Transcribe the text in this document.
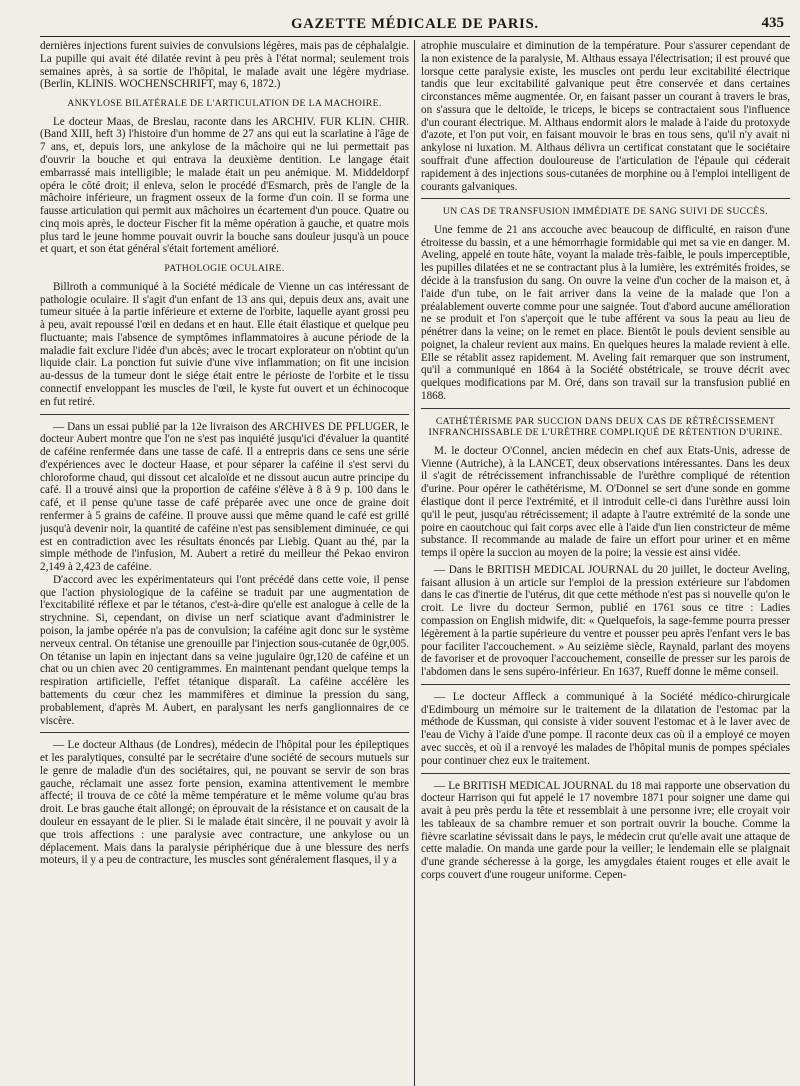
GAZETTE MÉDICALE DE PARIS.	435

dernières injections furent suivies de convulsions légères, mais pas de céphalalgie. La pupille qui avait été dilatée revint à peu près à l'état normal; seulement trois semaines après, à sa sortie de l'hôpital, le malade avait une légère mydriase. (Berlin, KLINIS. WOCHENSCHRIFT, may 6, 1872.)

ANKYLOSE BILATÉRALE DE L'ARTICULATION DE LA MACHOIRE.

Le docteur Maas, de Breslau, raconte dans les ARCHIV. FUR KLIN. CHIR. (Band XIII, heft 3) l'histoire d'un homme de 27 ans qui eut la scarlatine à l'âge de 7 ans, et, depuis lors, une ankylose de la mâchoire qui ne lui permettait pas d'ouvrir la bouche et qui entrava la deuxième dentition. Le langage était embarrassé mais intelligible; le malade était un peu anémique. M. Middeldorpf opéra le côté droit; il enleva, selon le procédé d'Esmarch, près de l'angle de la mâchoire inférieure, un fragment osseux de la forme d'un coin. Il se forma une fausse articulation qui permit aux mâchoires un écartement d'un pouce. Quatre ou cinq mois après, le docteur Fischer fit la même opération à gauche, et quatre mois plus tard le jeune homme pouvait ouvrir la bouche sans douleur jusqu'à un pouce et quart, et son état général s'était fortement amélioré.

PATHOLOGIE OCULAIRE.

Billroth a communiqué à la Société médicale de Vienne un cas intéressant de pathologie oculaire. Il s'agit d'un enfant de 13 ans qui, depuis deux ans, avait une tumeur située à la partie inférieure et externe de l'orbite, laquelle ayant grossi peu à peu, avait repoussé l'œil en dedans et en haut. Elle était élastique et quelque peu fluctuante; mais l'absence de symptômes inflammatoires à aucune période de la maladie fait exclure l'idée d'un abcès; avec le trocart explorateur on n'obtint qu'un liquide clair. La ponction fut suivie d'une vive inflammation; on fit une incision au-dessus de la tumeur dont le siége était entre le périoste de l'orbite et le tissu connectif enveloppant les muscles de l'œil, le kyste fut ouvert et un échinocoque en fut retiré.

— Dans un essai publié par la 12e livraison des ARCHIVES DE PFLUGER, le docteur Aubert montre que l'on ne s'est pas inquiété jusqu'ici d'évaluer la quantité de caféine renfermée dans une tasse de café. Il a entrepris dans ce sens une série d'expériences avec le docteur Haase, et pour séparer la caféine il s'est servi du chloroforme chaud, qui dissout cet alcaloïde et ne dissout aucun autre principe du café. Il a trouvé ainsi que la proportion de caféine s'élève à 8 à 9 p. 100 dans le café, et il pense qu'une tasse de café préparée avec une once de graine doit renfermer à 5 grains de caféine. Il prouve aussi que même quand le café est grillé jusqu'à devenir noir, la quantité de caféine n'est pas sensiblement diminuée, ce qui est en contradiction avec les résultats énoncés par Liebig. Quant au thé, par la simple méthode de l'infusion, M. Aubert a retiré du meilleur thé Pekao environ 2,149 à 2,423 de caféine.

D'accord avec les expérimentateurs qui l'ont précédé dans cette voie, il pense que l'action physiologique de la caféine se traduit par une augmentation de l'excitabilité réflexe et par le tétanos, c'est-à-dire qu'elle est analogue à celle de la strychnine. Si, cependant, on divise un nerf sciatique avant d'administrer le poison, la jambe opérée n'a pas de convulsion; la caféine agit donc sur le système nerveux central. On tétanise une grenouille par l'injection sous-cutanée de 0gr,005. On tétanise un lapin en injectant dans sa veine jugulaire 0gr,120 de caféine et un chat ou un chien avec 20 centigrammes. En maintenant pendant quelque temps la respiration artificielle, l'effet tétanique disparaît. La caféine accélère les battements du cœur chez les mammifères et diminue la pression du sang, probablement, d'après M. Aubert, en paralysant les nerfs ganglionnaires de ce viscère.

— Le docteur Althaus (de Londres), médecin de l'hôpital pour les épileptiques et les paralytiques, consulté par le secrétaire d'une société de secours mutuels sur le genre de maladie d'un des sociétaires, qui, ne pouvant se servir de son bras gauche, réclamait une assez forte pension, examina attentivement le membre affecté; il trouva de ce côté la même température et le même volume qu'au bras droit. Le bras gauche était allongé; on éprouvait de la résistance et on causait de la douleur en essayant de le plier. Si le malade était sincère, il ne pouvait y avoir là que trois affections : une paralysie avec contracture, une ankylose ou un déplacement. Mais dans la paralysie périphérique due à une blessure des nerfs moteurs, il y a peu de contracture, les muscles sont généralement flasques, il y a

atrophie musculaire et diminution de la température. Pour s'assurer cependant de la non existence de la paralysie, M. Althaus essaya l'électrisation; il est prouvé que lorsque cette paralysie existe, les muscles ont perdu leur excitabilité électrique tandis que leur excitabilité galvanique peut être conservée et dans certaines circonstances même augmentée. Or, en faisant passer un courant à travers le bras, on s'assura que le deltoïde, le triceps, le biceps se contractaient sous l'influence d'un courant électrique. M. Althaus endormit alors le malade à l'aide du protoxyde d'azote, et l'on put voir, en faisant mouvoir le bras en tous sens, qu'il n'y avait ni ankylose ni luxation. M. Althaus délivra un certificat constatant que le sociétaire souffrait d'une affection douloureuse de l'articulation de l'épaule qui céderait rapidement à des injections sous-cutanées de morphine ou à l'emploi intelligent de courants galvaniques.

UN CAS DE TRANSFUSION IMMÉDIATE DE SANG SUIVI DE SUCCÈS.

Une femme de 21 ans accouche avec beaucoup de difficulté, en raison d'une étroitesse du bassin, et a une hémorrhagie formidable qui met sa vie en danger. M. Aveling, appelé en toute hâte, voyant la malade très-faible, le pouls imperceptible, les pupilles dilatées et ne se contractant plus à la lumière, les extrémités froides, se décide à la transfusion du sang. On ouvre la veine d'un cocher de la maison et, à l'aide d'un tube, on le fait arriver dans la veine de la malade que l'on a préalablement ouverte comme pour une saignée. Tout d'abord aucune amélioration ne se produit et l'on s'aperçoit que le tube afférent va sous la peau au lieu de pénétrer dans la veine; on le remet en place. Bientôt le pouls devient sensible au poignet, la chaleur revient aux mains. En quelques heures la malade revient à elle. Elle se rétablit assez rapidement. M. Aveling fait remarquer que son instrument, qu'il a communiqué en 1864 à la Société obstétricale, se trouve décrit avec quelques modifications par M. Oré, dans son travail sur la transfusion publié en 1868.

CATHÉTÉRISME PAR SUCCION DANS DEUX CAS DE RÉTRÉCISSEMENT INFRANCHISSABLE DE L'URÈTHRE COMPLIQUÉ DE RÉTENTION D'URINE.

M. le docteur O'Connel, ancien médecin en chef aux Etats-Unis, adresse de Vienne (Autriche), à la LANCET, deux observations intéressantes. Dans les deux il s'agit de rétrécissement infranchissable de l'urèthre compliqué de rétention d'urine. Pour opérer le cathétérisme, M. O'Donnel se sert d'une sonde en gomme élastique dont il perce l'extrémité, et il introduit celle-ci dans l'urèthre aussi loin qu'il le peut, jusqu'au rétrécissement; il adapte à l'autre extrémité de la sonde une poire en caoutchouc qui fait corps avec elle à l'aide d'un lien constricteur de même substance. Il recommande au malade de faire un effort pour uriner et en même temps il opère la succion au moyen de la poire; la vessie est ainsi vidée.

— Dans le BRITISH MEDICAL JOURNAL du 20 juillet, le docteur Aveling, faisant allusion à un article sur l'emploi de la pression extérieure sur l'abdomen dans le cas d'inertie de l'utérus, dit que cette méthode n'est pas si nouvelle qu'on le croit. Le livre du docteur Sermon, publié en 1761 sous ce titre : Ladies compassion on English midwife, dit: « Quelquefois, la sage-femme pourra presser légèrement à la partie supérieure du ventre et pousser peu après l'enfant vers le bas pour faciliter l'accouchement. » Au seizième siècle, Raynald, parlant des moyens de favoriser et de provoquer l'accouchement, conseille de presser sur les parois de l'abdomen dans le sens supéro-inférieur. En 1637, Rueff donne le même conseil.

— Le docteur Affleck a communiqué à la Société médico-chirurgicale d'Edimbourg un mémoire sur le traitement de la dilatation de l'estomac par la méthode de Kussman, qui consiste à vider souvent l'estomac et à le laver avec de l'eau de Vichy à l'aide d'une pompe. Il raconte deux cas où il a employé ce moyen avec succès, et où il a renvoyé les malades de l'hôpital munis de pompes spéciales pour continuer chez eux le traitement.

— Le BRITISH MEDICAL JOURNAL du 18 mai rapporte une observation du docteur Harrison qui fut appelé le 17 novembre 1871 pour soigner une dame qui avait à peu près perdu la tête et ressemblait à une personne ivre; elle croyait voir les tableaux de sa chambre remuer et son portrait ouvrir la bouche. Comme la fièvre scarlatine sévissait dans le pays, le médecin crut qu'elle avait une attaque de cette maladie. On manda une garde pour la veiller; le lendemain elle se plaignait d'une grande sécheresse à la gorge, les amygdales étaient rouges et elle avait le corps couvert d'une rougeur uniforme. Cepen-
